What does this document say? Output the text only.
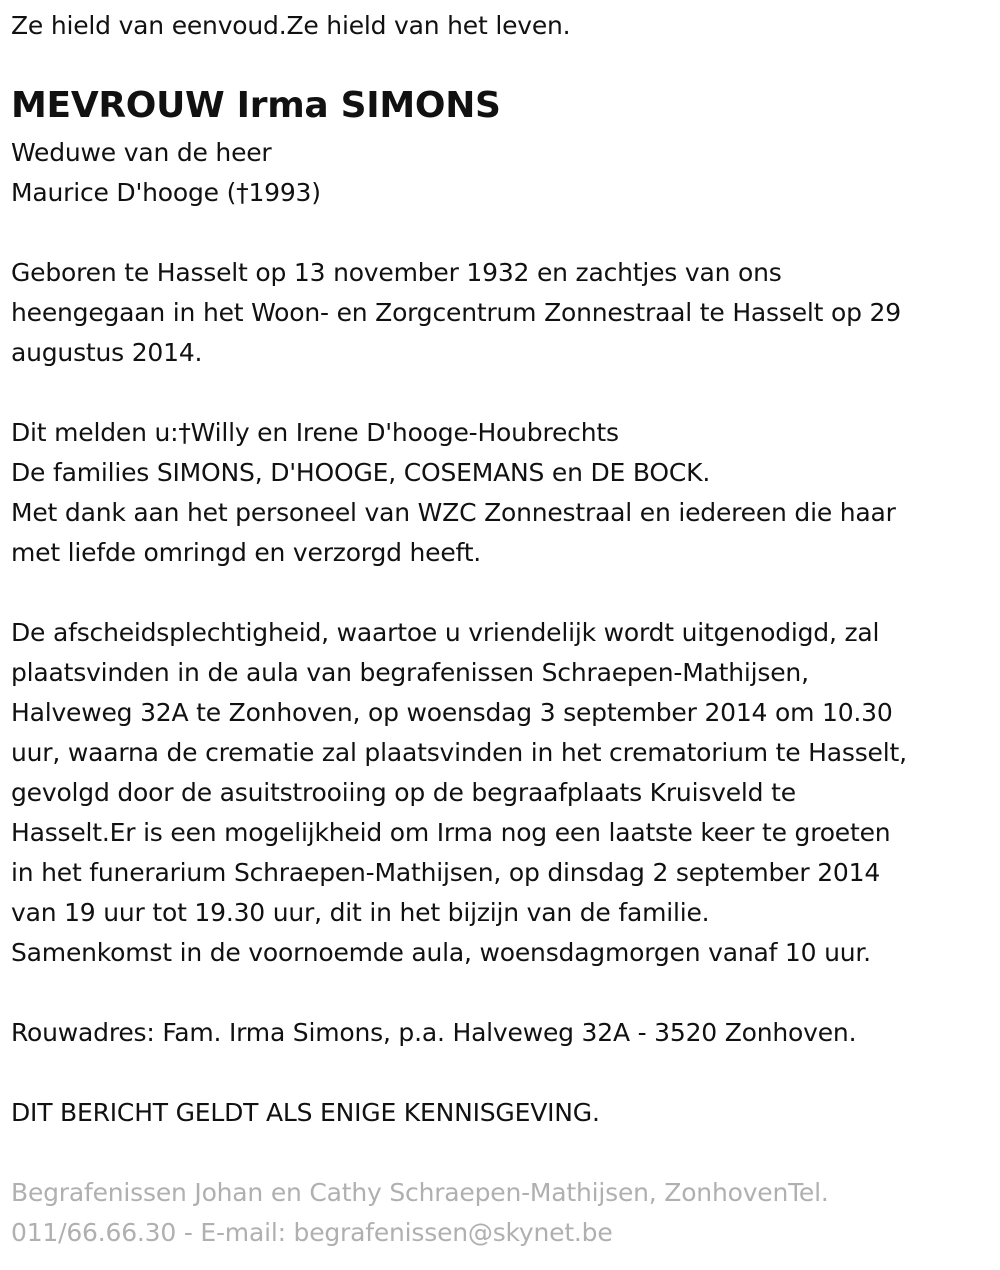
Ze hield van eenvoud.Ze hield van het leven.
MEVROUW Irma SIMONS
Weduwe van de heer
Maurice D'hooge (†1993)
Geboren te Hasselt op 13 november 1932 en zachtjes van ons
heengegaan in het Woon- en Zorgcentrum Zonnestraal te Hasselt op 29
augustus 2014.
Dit melden u:†Willy en Irene D'hooge-Houbrechts
De families SIMONS, D'HOOGE, COSEMANS en DE BOCK.
Met dank aan het personeel van WZC Zonnestraal en iedereen die haar
met liefde omringd en verzorgd heeft.
De afscheidsplechtigheid, waartoe u vriendelijk wordt uitgenodigd, zal
plaatsvinden in de aula van begrafenissen Schraepen-Mathijsen,
Halveweg 32A te Zonhoven, op woensdag 3 september 2014 om 10.30
uur, waarna de crematie zal plaatsvinden in het crematorium te Hasselt,
gevolgd door de asuitstrooiing op de begraafplaats Kruisveld te
Hasselt.Er is een mogelijkheid om Irma nog een laatste keer te groeten
in het funerarium Schraepen-Mathijsen, op dinsdag 2 september 2014
van 19 uur tot 19.30 uur, dit in het bijzijn van de familie.
Samenkomst in de voornoemde aula, woensdagmorgen vanaf 10 uur.
Rouwadres: Fam. Irma Simons, p.a. Halveweg 32A - 3520 Zonhoven.
DIT BERICHT GELDT ALS ENIGE KENNISGEVING.
Begrafenissen Johan en Cathy Schraepen-Mathijsen, ZonhovenTel.
011/66.66.30 - E-mail: begrafenissen@skynet.be
